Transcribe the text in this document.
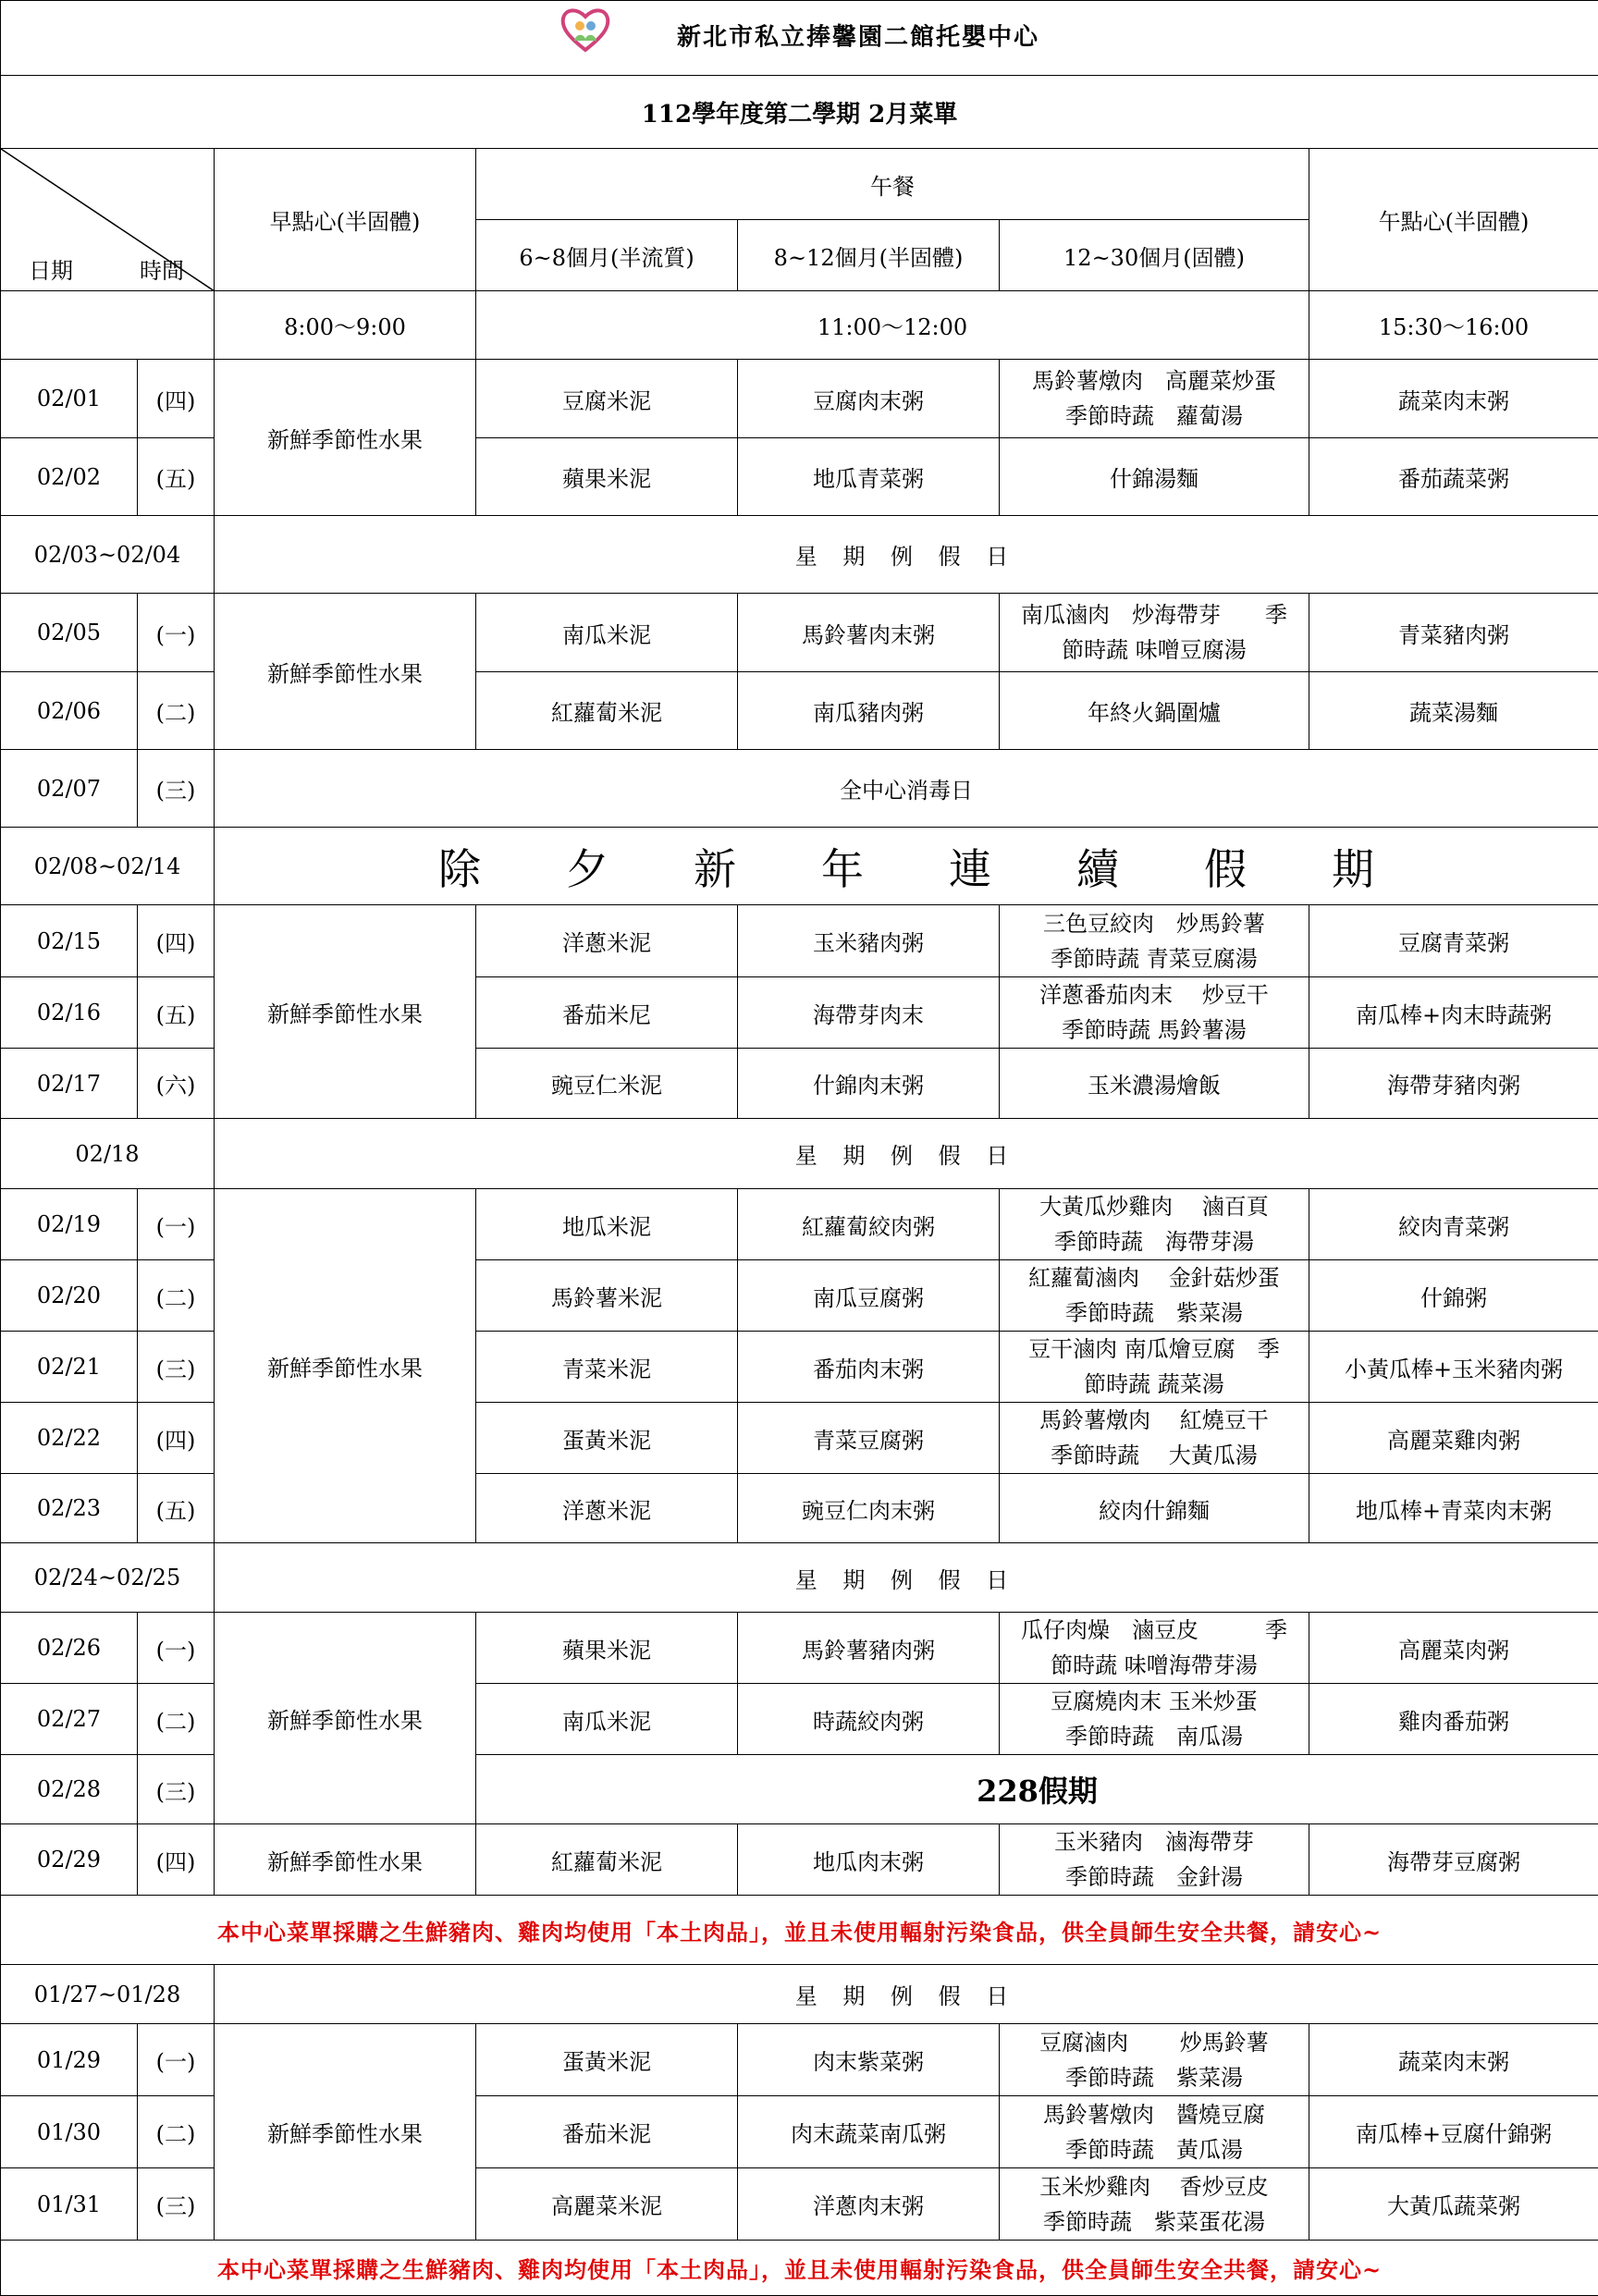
新北市私立捧馨園二館托嬰中心						
112學年度第二學期 2月菜單						

日期 時間		早點心(半固體)	午餐			午點心(半固體)
			6~8個月(半流質)	8~12個月(半固體)	12~30個月(固體)	
		8:00～9:00	11:00～12:00			15:30～16:00
02/01	(四)	新鮮季節性水果	豆腐米泥	豆腐肉末粥	馬鈴薯燉肉　高麗菜炒蛋
季節時蔬　蘿蔔湯	蔬菜肉末粥
02/02	(五)		蘋果米泥	地瓜青菜粥	什錦湯麵	番茄蔬菜粥
02/03~02/04		星 期 例 假 日				
02/05	(一)	新鮮季節性水果	南瓜米泥	馬鈴薯肉末粥	南瓜滷肉　炒海帶芽　　季
節時蔬 味噌豆腐湯	青菜豬肉粥
02/06	(二)		紅蘿蔔米泥	南瓜豬肉粥	年終火鍋圍爐	蔬菜湯麵
02/07	(三)	全中心消毒日				
02/08~02/14		除　　夕　　新　　年　　連　　續　　假　　期				
02/15	(四)	新鮮季節性水果	洋蔥米泥	玉米豬肉粥	三色豆絞肉　炒馬鈴薯
季節時蔬 青菜豆腐湯	豆腐青菜粥
02/16	(五)		番茄米尼	海帶芽肉末	洋蔥番茄肉末　 炒豆干
季節時蔬 馬鈴薯湯	南瓜棒+肉末時蔬粥
02/17	(六)		豌豆仁米泥	什錦肉末粥	玉米濃湯燴飯	海帶芽豬肉粥
02/18		星 期 例 假 日				
02/19	(一)	新鮮季節性水果	地瓜米泥	紅蘿蔔絞肉粥	大黃瓜炒雞肉　 滷百頁
季節時蔬　海帶芽湯	絞肉青菜粥
02/20	(二)		馬鈴薯米泥	南瓜豆腐粥	紅蘿蔔滷肉　 金針菇炒蛋
季節時蔬　紫菜湯	什錦粥
02/21	(三)		青菜米泥	番茄肉末粥	豆干滷肉 南瓜燴豆腐　季
節時蔬 蔬菜湯	小黃瓜棒+玉米豬肉粥
02/22	(四)		蛋黃米泥	青菜豆腐粥	馬鈴薯燉肉　 紅燒豆干
季節時蔬　 大黃瓜湯	高麗菜雞肉粥
02/23	(五)		洋蔥米泥	豌豆仁肉末粥	絞肉什錦麵	地瓜棒+青菜肉末粥
02/24~02/25		星 期 例 假 日				
02/26	(一)	新鮮季節性水果	蘋果米泥	馬鈴薯豬肉粥	瓜仔肉燥　滷豆皮　　　季
節時蔬 味噌海帶芽湯	高麗菜肉粥
02/27	(二)		南瓜米泥	時蔬絞肉粥	豆腐燒肉末 玉米炒蛋
季節時蔬　南瓜湯	雞肉番茄粥
02/28	(三)		228假期			
02/29	(四)	新鮮季節性水果	紅蘿蔔米泥	地瓜肉末粥	玉米豬肉　滷海帶芽
季節時蔬　金針湯	海帶芽豆腐粥
本中心菜單採購之生鮮豬肉、雞肉均使用「本土肉品」，並且未使用輻射污染食品，供全員師生安全共餐，請安心~						
01/27~01/28		星 期 例 假 日				
01/29	(一)	新鮮季節性水果	蛋黃米泥	肉末紫菜粥	豆腐滷肉　　 炒馬鈴薯
季節時蔬　紫菜湯	蔬菜肉末粥
01/30	(二)		番茄米泥	肉末蔬菜南瓜粥	馬鈴薯燉肉　醬燒豆腐
季節時蔬　黃瓜湯	南瓜棒+豆腐什錦粥
01/31	(三)		高麗菜米泥	洋蔥肉末粥	玉米炒雞肉　 香炒豆皮
季節時蔬　紫菜蛋花湯	大黃瓜蔬菜粥
本中心菜單採購之生鮮豬肉、雞肉均使用「本土肉品」，並且未使用輻射污染食品，供全員師生安全共餐，請安心~						
